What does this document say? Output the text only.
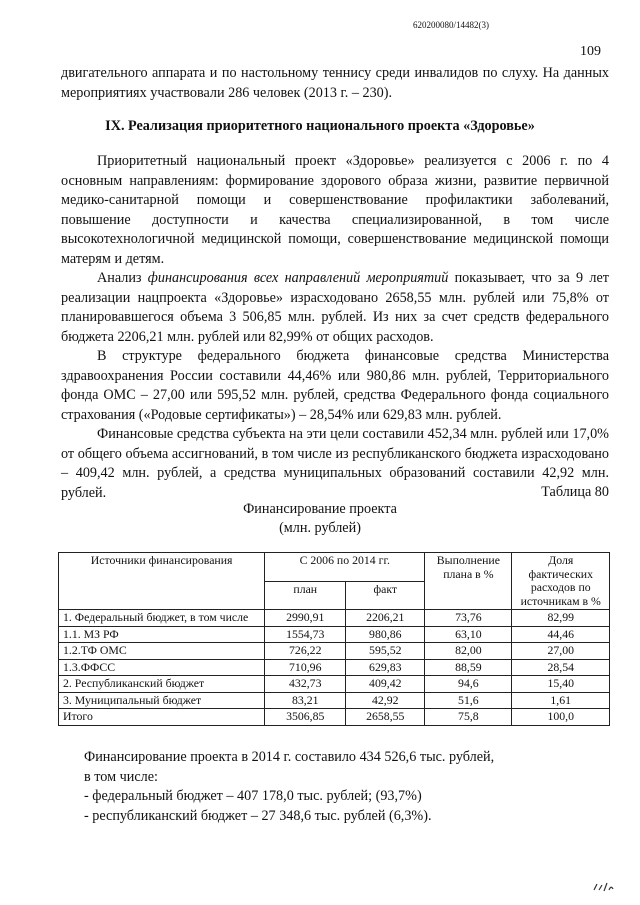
620200080/14482(3)
109
двигательного аппарата и по настольному теннису среди инвалидов по слуху. На данных мероприятиях участвовали 286 человек (2013 г. – 230).
IX. Реализация приоритетного национального проекта «Здоровье»

Приоритетный национальный проект «Здоровье» реализуется с 2006 г. по 4 основным направлениям: формирование здорового образа жизни, развитие первичной медико-санитарной помощи и совершенствование профилактики заболеваний, повышение доступности и качества специализированной, в том числе высокотехнологичной медицинской помощи, совершенствование медицинской помощи матерям и детям.

Анализ финансирования всех направлений мероприятий показывает, что за 9 лет реализации нацпроекта «Здоровье» израсходовано 2658,55 млн. рублей или 75,8% от планировавшегося объема 3 506,85 млн. рублей. Из них за счет средств федерального бюджета 2206,21 млн. рублей или 82,99% от общих расходов.

В структуре федерального бюджета финансовые средства Министерства здравоохранения России составили 44,46% или 980,86 млн. рублей, Территориального фонда ОМС – 27,00 или 595,52 млн. рублей, средства Федерального фонда социального страхования («Родовые сертификаты») – 28,54% или 629,83 млн. рублей.

Финансовые средства субъекта на эти цели составили 452,34 млн. рублей или 17,0% от общего объема ассигнований, в том числе из республиканского бюджета израсходовано – 409,42 млн. рублей, а средства муниципальных образований составили 42,92 млн. рублей.	Таблица 80
Финансирование проекта
(млн. рублей)
Источники финансирования	С 2006 по 2014 гг.		Выполнение плана в %	Доля фактических расходов по источникам в %
	план	факт		
1. Федеральный бюджет, в том числе	2990,91	2206,21	73,76	82,99
1.1. МЗ РФ	1554,73	980,86	63,10	44,46
1.2.ТФ ОМС	726,22	595,52	82,00	27,00
1.3.ФФСС	710,96	629,83	88,59	28,54
2. Республиканский бюджет	432,73	409,42	94,6	15,40
3. Муниципальный бюджет	83,21	42,92	51,6	1,61
Итого	3506,85	2658,55	75,8	100,0
Финансирование проекта в 2014 г. составило 434 526,6 тыс. рублей,
в том числе:
- федеральный бюджет – 407 178,0 тыс. рублей; (93,7%)
- республиканский бюджет – 27 348,6 тыс. рублей (6,3%).
